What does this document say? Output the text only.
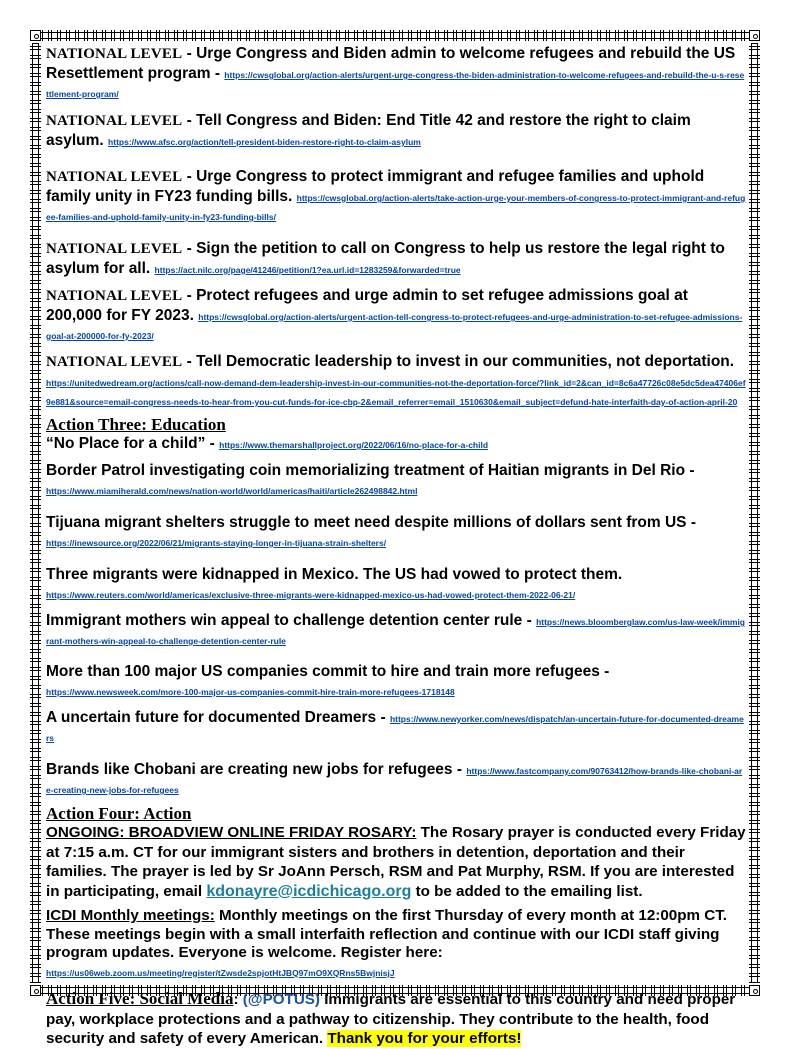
NATIONAL LEVEL - Urge Congress and Biden admin to welcome refugees and rebuild the US Resettlement program - https://cwsglobal.org/action-alerts/urgent-urge-congress-the-biden-administration-to-welcome-refugees-and-rebuild-the-u-s-resettlement-program/

NATIONAL LEVEL - Tell Congress and Biden: End Title 42 and restore the right to claim asylum. https://www.afsc.org/action/tell-president-biden-restore-right-to-claim-asylum

NATIONAL LEVEL - Urge Congress to protect immigrant and refugee families and uphold family unity in FY23 funding bills. https://cwsglobal.org/action-alerts/take-action-urge-your-members-of-congress-to-protect-immigrant-and-refugee-families-and-uphold-family-unity-in-fy23-funding-bills/

NATIONAL LEVEL - Sign the petition to call on Congress to help us restore the legal right to asylum for all. https://act.nilc.org/page/41246/petition/1?ea.url.id=1283259&forwarded=true

NATIONAL LEVEL - Protect refugees and urge admin to set refugee admissions goal at 200,000 for FY 2023. https://cwsglobal.org/action-alerts/urgent-action-tell-congress-to-protect-refugees-and-urge-administration-to-set-refugee-admissions-goal-at-200000-for-fy-2023/

NATIONAL LEVEL - Tell Democratic leadership to invest in our communities, not deportation.
https://unitedwedream.org/actions/call-now-demand-dem-leadership-invest-in-our-communities-not-the-deportation-force/?link_id=2&can_id=8c6a47726c08e5dc5dea47406ef9e881&source=email-congress-needs-to-hear-from-you-cut-funds-for-ice-cbp-2&email_referrer=email_1510630&email_subject=defund-hate-interfaith-day-of-action-april-20

Action Three: Education

“No Place for a child” - https://www.themarshallproject.org/2022/06/16/no-place-for-a-child

Border Patrol investigating coin memorializing treatment of Haitian migrants in Del Rio -
https://www.miamiherald.com/news/nation-world/world/americas/haiti/article262498842.html

Tijuana migrant shelters struggle to meet need despite millions of dollars sent from US -
https://inewsource.org/2022/06/21/migrants-staying-longer-in-tijuana-strain-shelters/

Three migrants were kidnapped in Mexico. The US had vowed to protect them.
https://www.reuters.com/world/americas/exclusive-three-migrants-were-kidnapped-mexico-us-had-vowed-protect-them-2022-06-21/

Immigrant mothers win appeal to challenge detention center rule - https://news.bloomberglaw.com/us-law-week/immigrant-mothers-win-appeal-to-challenge-detention-center-rule

More than 100 major US companies commit to hire and train more refugees -
https://www.newsweek.com/more-100-major-us-companies-commit-hire-train-more-refugees-1718148

A uncertain future for documented Dreamers - https://www.newyorker.com/news/dispatch/an-uncertain-future-for-documented-dreamers

Brands like Chobani are creating new jobs for refugees - https://www.fastcompany.com/90763412/how-brands-like-chobani-are-creating-new-jobs-for-refugees

Action Four: Action

ONGOING: BROADVIEW ONLINE FRIDAY ROSARY: The Rosary prayer is conducted every Friday at 7:15 a.m. CT for our immigrant sisters and brothers in detention, deportation and their families. The prayer is led by Sr JoAnn Persch, RSM and Pat Murphy, RSM. If you are interested in participating, email kdonayre@icdichicago.org to be added to the emailing list.

ICDI Monthly meetings: Monthly meetings on the first Thursday of every month at 12:00pm CT. These meetings begin with a small interfaith reflection and continue with our ICDI staff giving program updates. Everyone is welcome. Register here:
https://us06web.zoom.us/meeting/register/tZwsde2spjotHtJBQ97mO9XQRns5BwjnisjJ

Action Five: Social Media: (@POTUS) Immigrants are essential to this country and need proper pay, workplace protections and a pathway to citizenship. They contribute to the health, food security and safety of every American. Thank you for your efforts!
